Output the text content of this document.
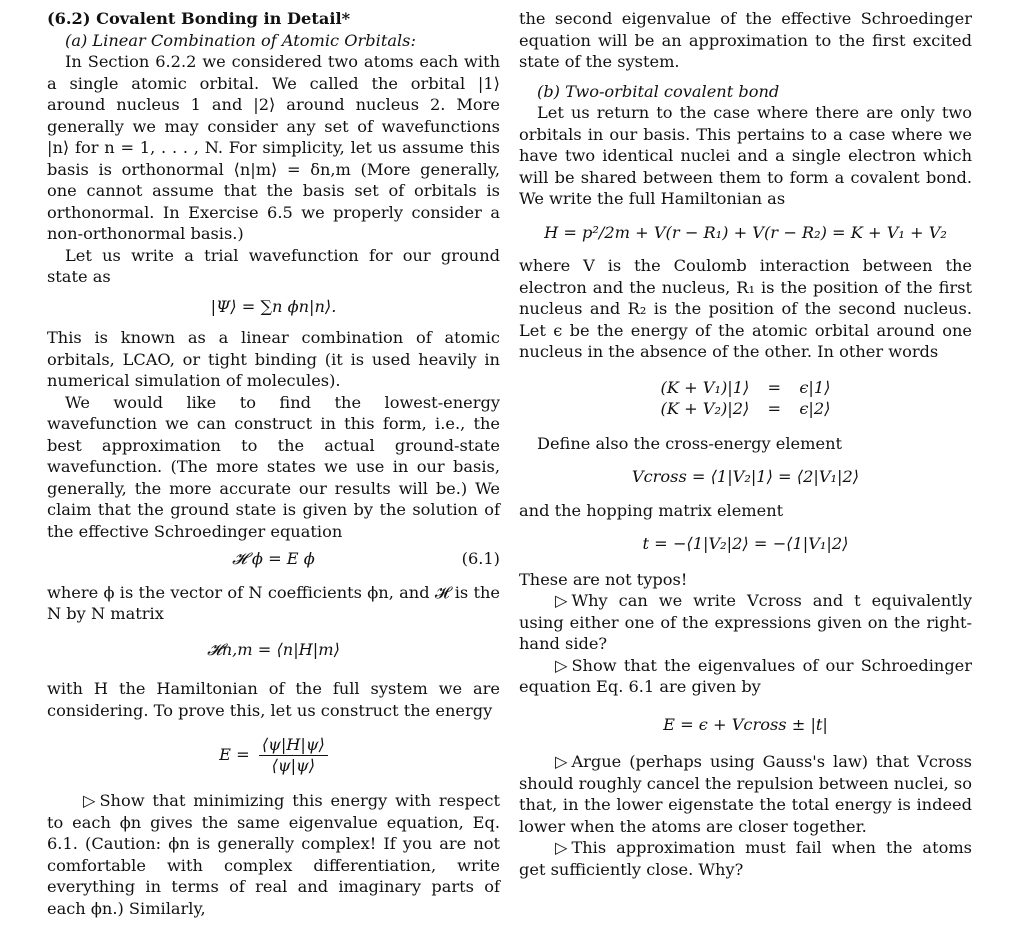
(6.2) Covalent Bonding in Detail*

(a) Linear Combination of Atomic Orbitals:

In Section 6.2.2 we considered two atoms each with a single atomic orbital. We called the orbital |1⟩ around nucleus 1 and |2⟩ around nucleus 2. More generally we may consider any set of wavefunctions |n⟩ for n = 1, . . . , N. For simplicity, let us assume this basis is orthonormal ⟨n|m⟩ = δn,m (More generally, one cannot assume that the basis set of orbitals is orthonormal. In Exercise 6.5 we properly consider a non-orthonormal basis.)

Let us write a trial wavefunction for our ground state as

|Ψ⟩ = ∑n ϕn|n⟩.

This is known as a linear combination of atomic orbitals, LCAO, or tight binding (it is used heavily in numerical simulation of molecules).

We would like to find the lowest-energy wavefunction we can construct in this form, i.e., the best approximation to the actual ground-state wavefunction. (The more states we use in our basis, generally, the more accurate our results will be.) We claim that the ground state is given by the solution of the effective Schroedinger equation

𝓗 ϕ = E ϕ	(6.1)

where ϕ is the vector of N coefficients ϕn, and 𝓗 is the N by N matrix

𝓗n,m = ⟨n|H|m⟩

with H the Hamiltonian of the full system we are considering. To prove this, let us construct the energy

$E = \frac{⟨\psi|H|\psi⟩}{⟨\psi|\psi⟩}$

▷ Show that minimizing this energy with respect to each ϕn gives the same eigenvalue equation, Eq. 6.1. (Caution: ϕn is generally complex! If you are not comfortable with complex differentiation, write everything in terms of real and imaginary parts of each ϕn.) Similarly,

the second eigenvalue of the effective Schroedinger equation will be an approximation to the first excited state of the system.

(b) Two-orbital covalent bond

Let us return to the case where there are only two orbitals in our basis. This pertains to a case where we have two identical nuclei and a single electron which will be shared between them to form a covalent bond. We write the full Hamiltonian as

H = p²/2m + V(r − R₁) + V(r − R₂) = K + V₁ + V₂

where V is the Coulomb interaction between the electron and the nucleus, R₁ is the position of the first nucleus and R₂ is the position of the second nucleus. Let ϵ be the energy of the atomic orbital around one nucleus in the absence of the other. In other words

(K + V₁)|1⟩	=	ϵ|1⟩
(K + V₂)|2⟩	=	ϵ|2⟩

Define also the cross-energy element

Vcross = ⟨1|V₂|1⟩ = ⟨2|V₁|2⟩

and the hopping matrix element

t = −⟨1|V₂|2⟩ = −⟨1|V₁|2⟩

These are not typos!

▷ Why can we write Vcross and t equivalently using either one of the expressions given on the right-hand side?

▷ Show that the eigenvalues of our Schroedinger equation Eq. 6.1 are given by

E = ϵ + Vcross ± |t|

▷ Argue (perhaps using Gauss's law) that Vcross should roughly cancel the repulsion between nuclei, so that, in the lower eigenstate the total energy is indeed lower when the atoms are closer together.

▷ This approximation must fail when the atoms get sufficiently close. Why?
